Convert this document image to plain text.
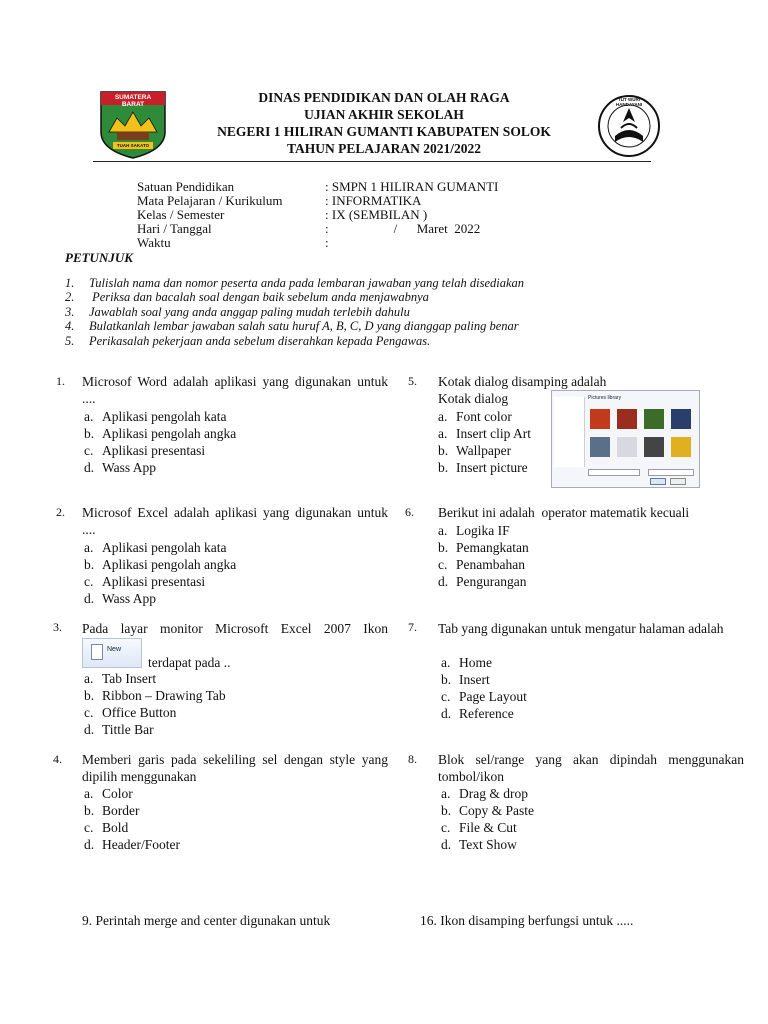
SUMATERA BARAT
TUAH SAKATO
TUT WURI HANDAYANI
DINAS PENDIDIKAN DAN OLAH RAGA
UJIAN AKHIR SEKOLAH
NEGERI 1 HILIRAN GUMANTI KABUPATEN SOLOK
TAHUN PELAJARAN 2021/2022
Satuan Pendidikan	: SMPN 1 HILIRAN GUMANTI
Mata Pelajaran / Kurikulum	: INFORMATIKA
Kelas / Semester	: IX (SEMBILAN )
Hari / Tanggal	:                    /      Maret  2022
Waktu	:
PETUNJUK
1. Tulislah nama dan nomor peserta anda pada lembaran jawaban yang telah disediakan
2. Periksa dan bacalah soal dengan baik sebelum anda menjawabnya
3. Jawablah soal yang anda anggap paling mudah terlebih dahulu
4. Bulatkanlah lembar jawaban salah satu huruf A, B, C, D yang dianggap paling benar
5. Perikasalah pekerjaan anda sebelum diserahkan kepada Pengawas.
1. Microsof Word adalah aplikasi yang digunakan untuk ....
a. Aplikasi pengolah kata
b. Aplikasi pengolah angka
c. Aplikasi presentasi
d. Wass App
5. Kotak dialog disamping adalah
Kotak dialog
a. Font color
a. Insert clip Art
b. Wallpaper
b. Insert picture
Pictures library
2. Microsof Excel adalah aplikasi yang digunakan untuk ....
a. Aplikasi pengolah kata
b. Aplikasi pengolah angka
c. Aplikasi presentasi
d. Wass App
6. Berikut ini adalah  operator matematik kecuali
a. Logika IF
b. Pemangkatan
c. Penambahan
d. Pengurangan
3. Pada layar monitor Microsoft Excel 2007 Ikon
New
terdapat pada ..
a. Tab Insert
b. Ribbon – Drawing Tab
c. Office Button
d. Tittle Bar
7. Tab yang digunakan untuk mengatur halaman adalah
a. Home
b. Insert
c. Page Layout
d. Reference
4. Memberi garis pada sekeliling sel dengan style yang dipilih menggunakan
a. Color
b. Border
c. Bold
d. Header/Footer
8. Blok sel/range yang akan dipindah menggunakan tombol/ikon
a. Drag & drop
b. Copy & Paste
c. File & Cut
d. Text Show
9. Perintah merge and center digunakan untuk	16. Ikon disamping berfungsi untuk .....
